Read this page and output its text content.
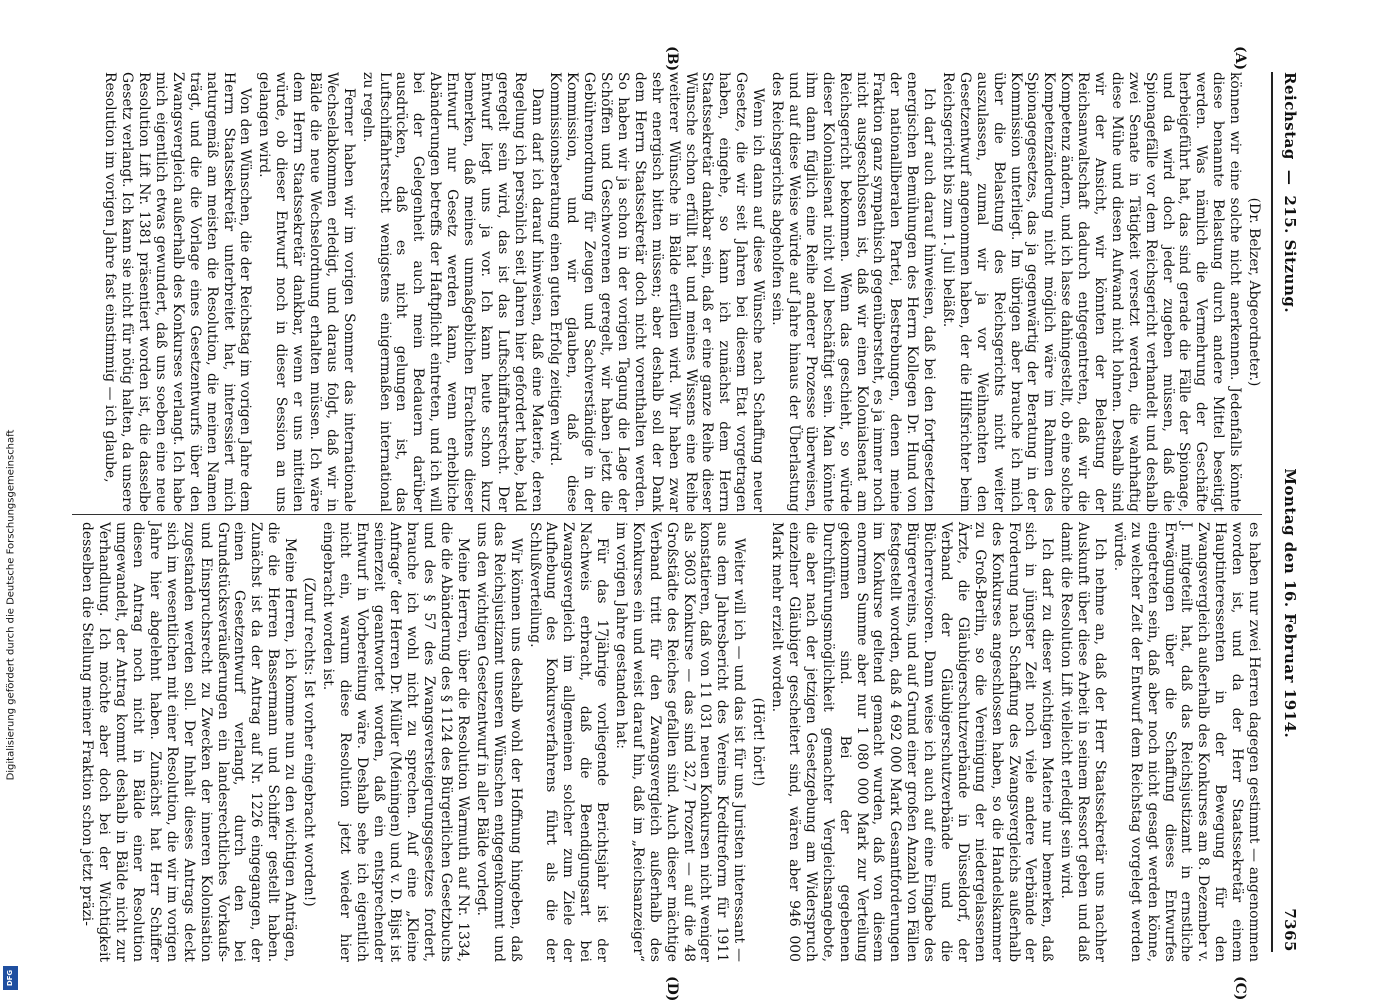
Digitalisierung gefördert durch die Deutsche Forschungsgemeinschaft
DFG
Reichstag
—
215. Sitzung.
Montag den 16. Februar 1914.
7365
(A)
(B)
(C)
(D)

(Dr. Belzer, Abgeordneter.)

können wir eine solche nicht anerkennen. Jedenfalls könnte diese benannte Belastung durch andere Mittel beseitigt werden. Was nämlich die Vermehrung der Geschäfte herbeigeführt hat, das sind gerade die Fälle der Spionage, und da wird doch jeder zugeben müssen, daß die Spionagefälle vor dem Reichsgericht verhandelt und deshalb zwei Senate in Tätigkeit versetzt werden, die wahrhaftig diese Mühe und diesen Aufwand nicht lohnen. Deshalb sind wir der Ansicht, wir könnten der Belastung der Reichsanwaltschaft dadurch entgegentreten, daß wir die Kompetenz ändern, und ich lasse dahingestellt, ob eine solche Kompetenzänderung nicht möglich wäre im Rahmen des Spionagegesetzes, das ja gegenwärtig der Beratung in der Kommission unterliegt. Im übrigen aber brauche ich mich über die Belastung des Reichsgerichts nicht weiter auszulassen, zumal wir ja vor Weihnachten den Gesetzentwurf angenommen haben, der die Hilfsrichter beim Reichsgericht bis zum 1. Juli beläßt.

Ich darf auch darauf hinweisen, daß bei den fortgesetzten energischen Bemühungen des Herrn Kollegen Dr. Hund von der nationalliberalen Partei, Bestrebungen, denen meine Fraktion ganz sympathisch gegenübersteht, es ja immer noch nicht ausgeschlossen ist, daß wir einen Kolonialsenat am Reichsgericht bekommen. Wenn das geschieht, so würde dieser Kolonialsenat nicht voll beschäftigt sein. Man könnte ihm dann füglich eine Reihe anderer Prozesse überweisen, und auf diese Weise würde auf Jahre hinaus der Überlastung des Reichsgerichts abgeholfen sein.

Wenn ich dann auf diese Wünsche nach Schaffung neuer Gesetze, die wir seit Jahren bei diesem Etat vorgetragen haben, eingehe, so kann ich zunächst dem Herrn Staatssekretär dankbar sein, daß er eine ganze Reihe dieser Wünsche schon erfüllt hat und meines Wissens eine Reihe weiterer Wünsche in Bälde erfüllen wird. Wir haben zwar sehr energisch bitten müssen; aber deshalb soll der Dank dem Herrn Staatssekretär doch nicht vorenthalten werden. So haben wir ja schon in der vorigen Tagung die Lage der Schöffen und Geschworenen geregelt, wir haben jetzt die Gebührenordnung für Zeugen und Sachverständige in der Kommission, und wir glauben, daß diese Kommissionsberatung einen guten Erfolg zeitigen wird.

Dann darf ich darauf hinweisen, daß eine Materie, deren Regelung ich persönlich seit Jahren hier gefordert habe, bald geregelt sein wird, das ist das Luftschiffahrtsrecht. Der Entwurf liegt uns ja vor. Ich kann heute schon kurz bemerken, daß meines unmaßgeblichen Erachtens dieser Entwurf nur Gesetz werden kann, wenn erhebliche Abänderungen betreffs der Haftpflicht eintreten, und ich will bei der Gelegenheit auch mein Bedauern darüber ausdrücken, daß es nicht gelungen ist, das Luftschiffahrtsrecht wenigstens einigermaßen international zu regeln.

Ferner haben wir im vorigen Sommer das internationale Wechselabkommen erledigt, und daraus folgt, daß wir in Bälde die neue Wechselordnung erhalten müssen. Ich wäre dem Herrn Staatssekretär dankbar, wenn er uns mitteilen würde, ob dieser Entwurf noch in dieser Session an uns gelangen wird.

Von den Wünschen, die der Reichstag im vorigen Jahre dem Herrn Staatssekretär unterbreitet hat, interessiert mich naturgemäß am meisten die Resolution, die meinen Namen trägt, und die die Vorlage eines Gesetzentwurfs über den Zwangsvergleich außerhalb des Konkurses verlangt. Ich habe mich eigentlich etwas gewundert, daß uns soeben eine neue Resolution Lift Nr. 1381 präsentiert worden ist, die dasselbe Gesetz verlangt. Ich kann sie nicht für nötig halten, da unsere Resolution im vorigen Jahre fast einstimmig — ich glaube,

es haben nur zwei Herren dagegen gestimmt — angenommen worden ist, und da der Herr Staatssekretär einem Hauptinteressenten in der Bewegung für den Zwangsvergleich außerhalb des Konkurses am 8. Dezember v. J. mitgeteilt hat, daß das Reichsjustizamt in ernstliche Erwägungen über die Schaffung dieses Entwurfes eingetreten sein, daß aber noch nicht gesagt werden könne, zu welcher Zeit der Entwurf dem Reichstag vorgelegt werden würde.

Ich nehme an, daß der Herr Staatssekretär uns nachher Auskunft über diese Arbeit in seinem Ressort geben und daß damit die Resolution Lift vielleicht erledigt sein wird.

Ich darf zu dieser wichtigen Materie nur bemerken, daß sich in jüngster Zeit noch viele andere Verbände der Forderung nach Schaffung des Zwangsvergleichs außerhalb des Konkurses angeschlossen haben, so die Handelskammer zu Groß-Berlin, so die Vereinigung der niedergelassenen Ärzte, die Gläubigerschutzverbände in Düsseldorf, der Verband der Gläubigerschutzverbände und die Bücherrevisoren. Dann weise ich auch auf eine Eingabe des Bürgervereins, und auf Grund einer großen Anzahl von Fällen festgestellt worden, daß 4 692 000 Mark Gesamtforderungen im Konkurse geltend gemacht wurden, daß von diesem enormen Summe aber nur 1 080 000 Mark zur Verteilung gekommen sind. Bei der gegebenen Durchführungsmöglichkeit gemachter Vergleichsangebote, die aber nach der jetzigen Gesetzgebung am Widerspruch einzelner Gläubiger gescheitert sind, wären aber 946 000 Mark mehr erzielt worden.

(Hört! hört!)

Weiter will ich — und das ist für uns Juristen interessant — aus dem Jahresbericht des Vereins Kreditreform für 1911 konstatieren, daß von 11 031 neuen Konkursen nicht weniger als 3603 Konkurse — das sind 32,7 Prozent — auf die 48 Großstädte des Reiches gefallen sind. Auch dieser mächtige Verband tritt für den Zwangsvergleich außerhalb des Konkurses ein und weist darauf hin, daß im „Reichsanzeiger“ im vorigen Jahre gestanden hat:

Für das 17jährige vorliegende Berichtsjahr ist der Nachweis erbracht, daß die Beendigungsart bei Zwangsvergleich im allgemeinen solcher zum Ziele der Aufhebung des Konkursverfahrens führt als die der Schlußverteilung.

Wir können uns deshalb wohl der Hoffnung hingeben, daß das Reichsjustizamt unseren Wünschen entgegenkommt und uns den wichtigen Gesetzentwurf in aller Bälde vorlegt.

Meine Herren, über die Resolution Warmuth auf Nr. 1334, die die Abänderung des § 1124 des Bürgerlichen Gesetzbuchs und des § 57 des Zwangsversteigerungsgesetzes fordert, brauche ich wohl nicht zu sprechen. Auf eine „Kleine Anfrage“ der Herren Dr. Müller (Meiningen) und v. D. Bijst ist seinerzeit geantwortet worden, daß ein entsprechender Entwurf in Vorbereitung wäre. Deshalb sehe ich eigentlich nicht ein, warum diese Resolution jetzt wieder hier eingebracht worden ist.

(Zuruf rechts: Ist vorher eingebracht worden!)

Meine Herren, ich komme nun zu den wichtigen Anträgen, die die Herren Bassermann und Schiffer gestellt haben. Zunächst ist da der Antrag auf Nr. 1226 eingegangen, der einen Gesetzentwurf verlangt, durch den bei Grundstücksveräußerungen ein landesrechtliches Vorkaufs- und Einspruchsrecht zu Zwecken der inneren Kolonisation zugestanden werden soll. Der Inhalt dieses Antrags deckt sich im wesentlichen mit einer Resolution, die wir im vorigen Jahre hier abgelehnt haben. Zunächst hat Herr Schiffer diesen Antrag noch nicht in Bälde einer Resolution umgewandelt, der Antrag kommt deshalb in Bälde nicht zur Verhandlung. Ich möchte aber doch bei der Wichtigkeit desselben die Stellung meiner Fraktion schon jetzt präzi-
